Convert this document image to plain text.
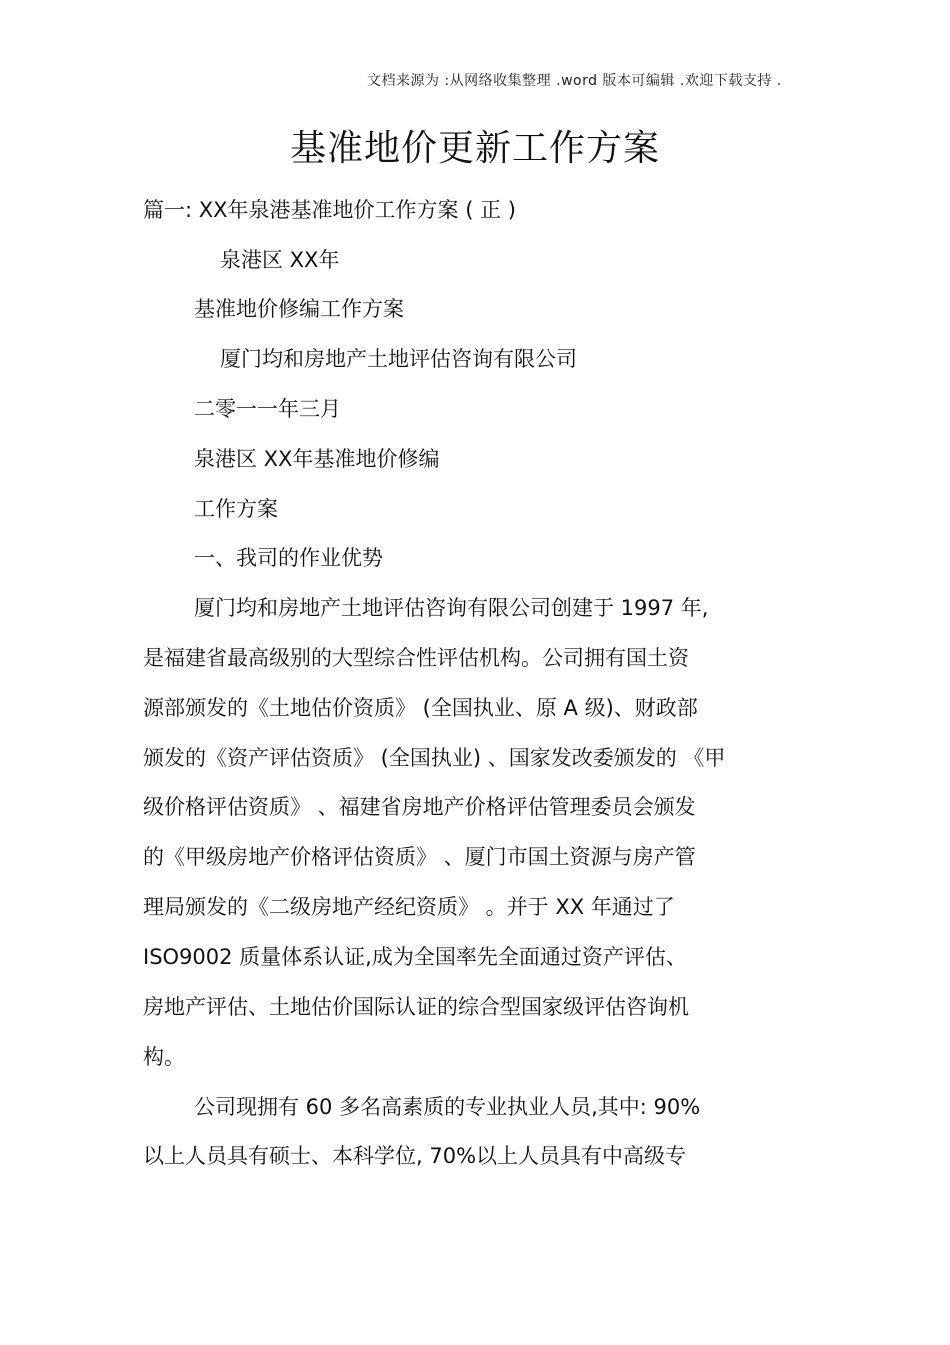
文档来源为 :从网络收集整理 .word 版本可编辑 .欢迎下载支持 .
基准地价更新工作方案
篇一: XX年泉港基准地价工作方案 ( 正 )
泉港区 XX年
基准地价修编工作方案
厦门均和房地产土地评估咨询有限公司
二零一一年三月
泉港区 XX年基准地价修编
工作方案
一、我司的作业优势
厦门均和房地产土地评估咨询有限公司创建于 1997 年,
是福建省最高级别的大型综合性评估机构。公司拥有国土资
源部颁发的《土地估价资质》 (全国执业、原 A 级)、财政部
颁发的《资产评估资质》 (全国执业) 、国家发改委颁发的 《甲
级价格评估资质》 、福建省房地产价格评估管理委员会颁发
的《甲级房地产价格评估资质》 、厦门市国土资源与房产管
理局颁发的《二级房地产经纪资质》 。并于 XX 年通过了
ISO9002 质量体系认证,成为全国率先全面通过资产评估、
房地产评估、土地估价国际认证的综合型国家级评估咨询机
构。
公司现拥有 60 多名高素质的专业执业人员,其中: 90%
以上人员具有硕士、本科学位, 70%以上人员具有中高级专
